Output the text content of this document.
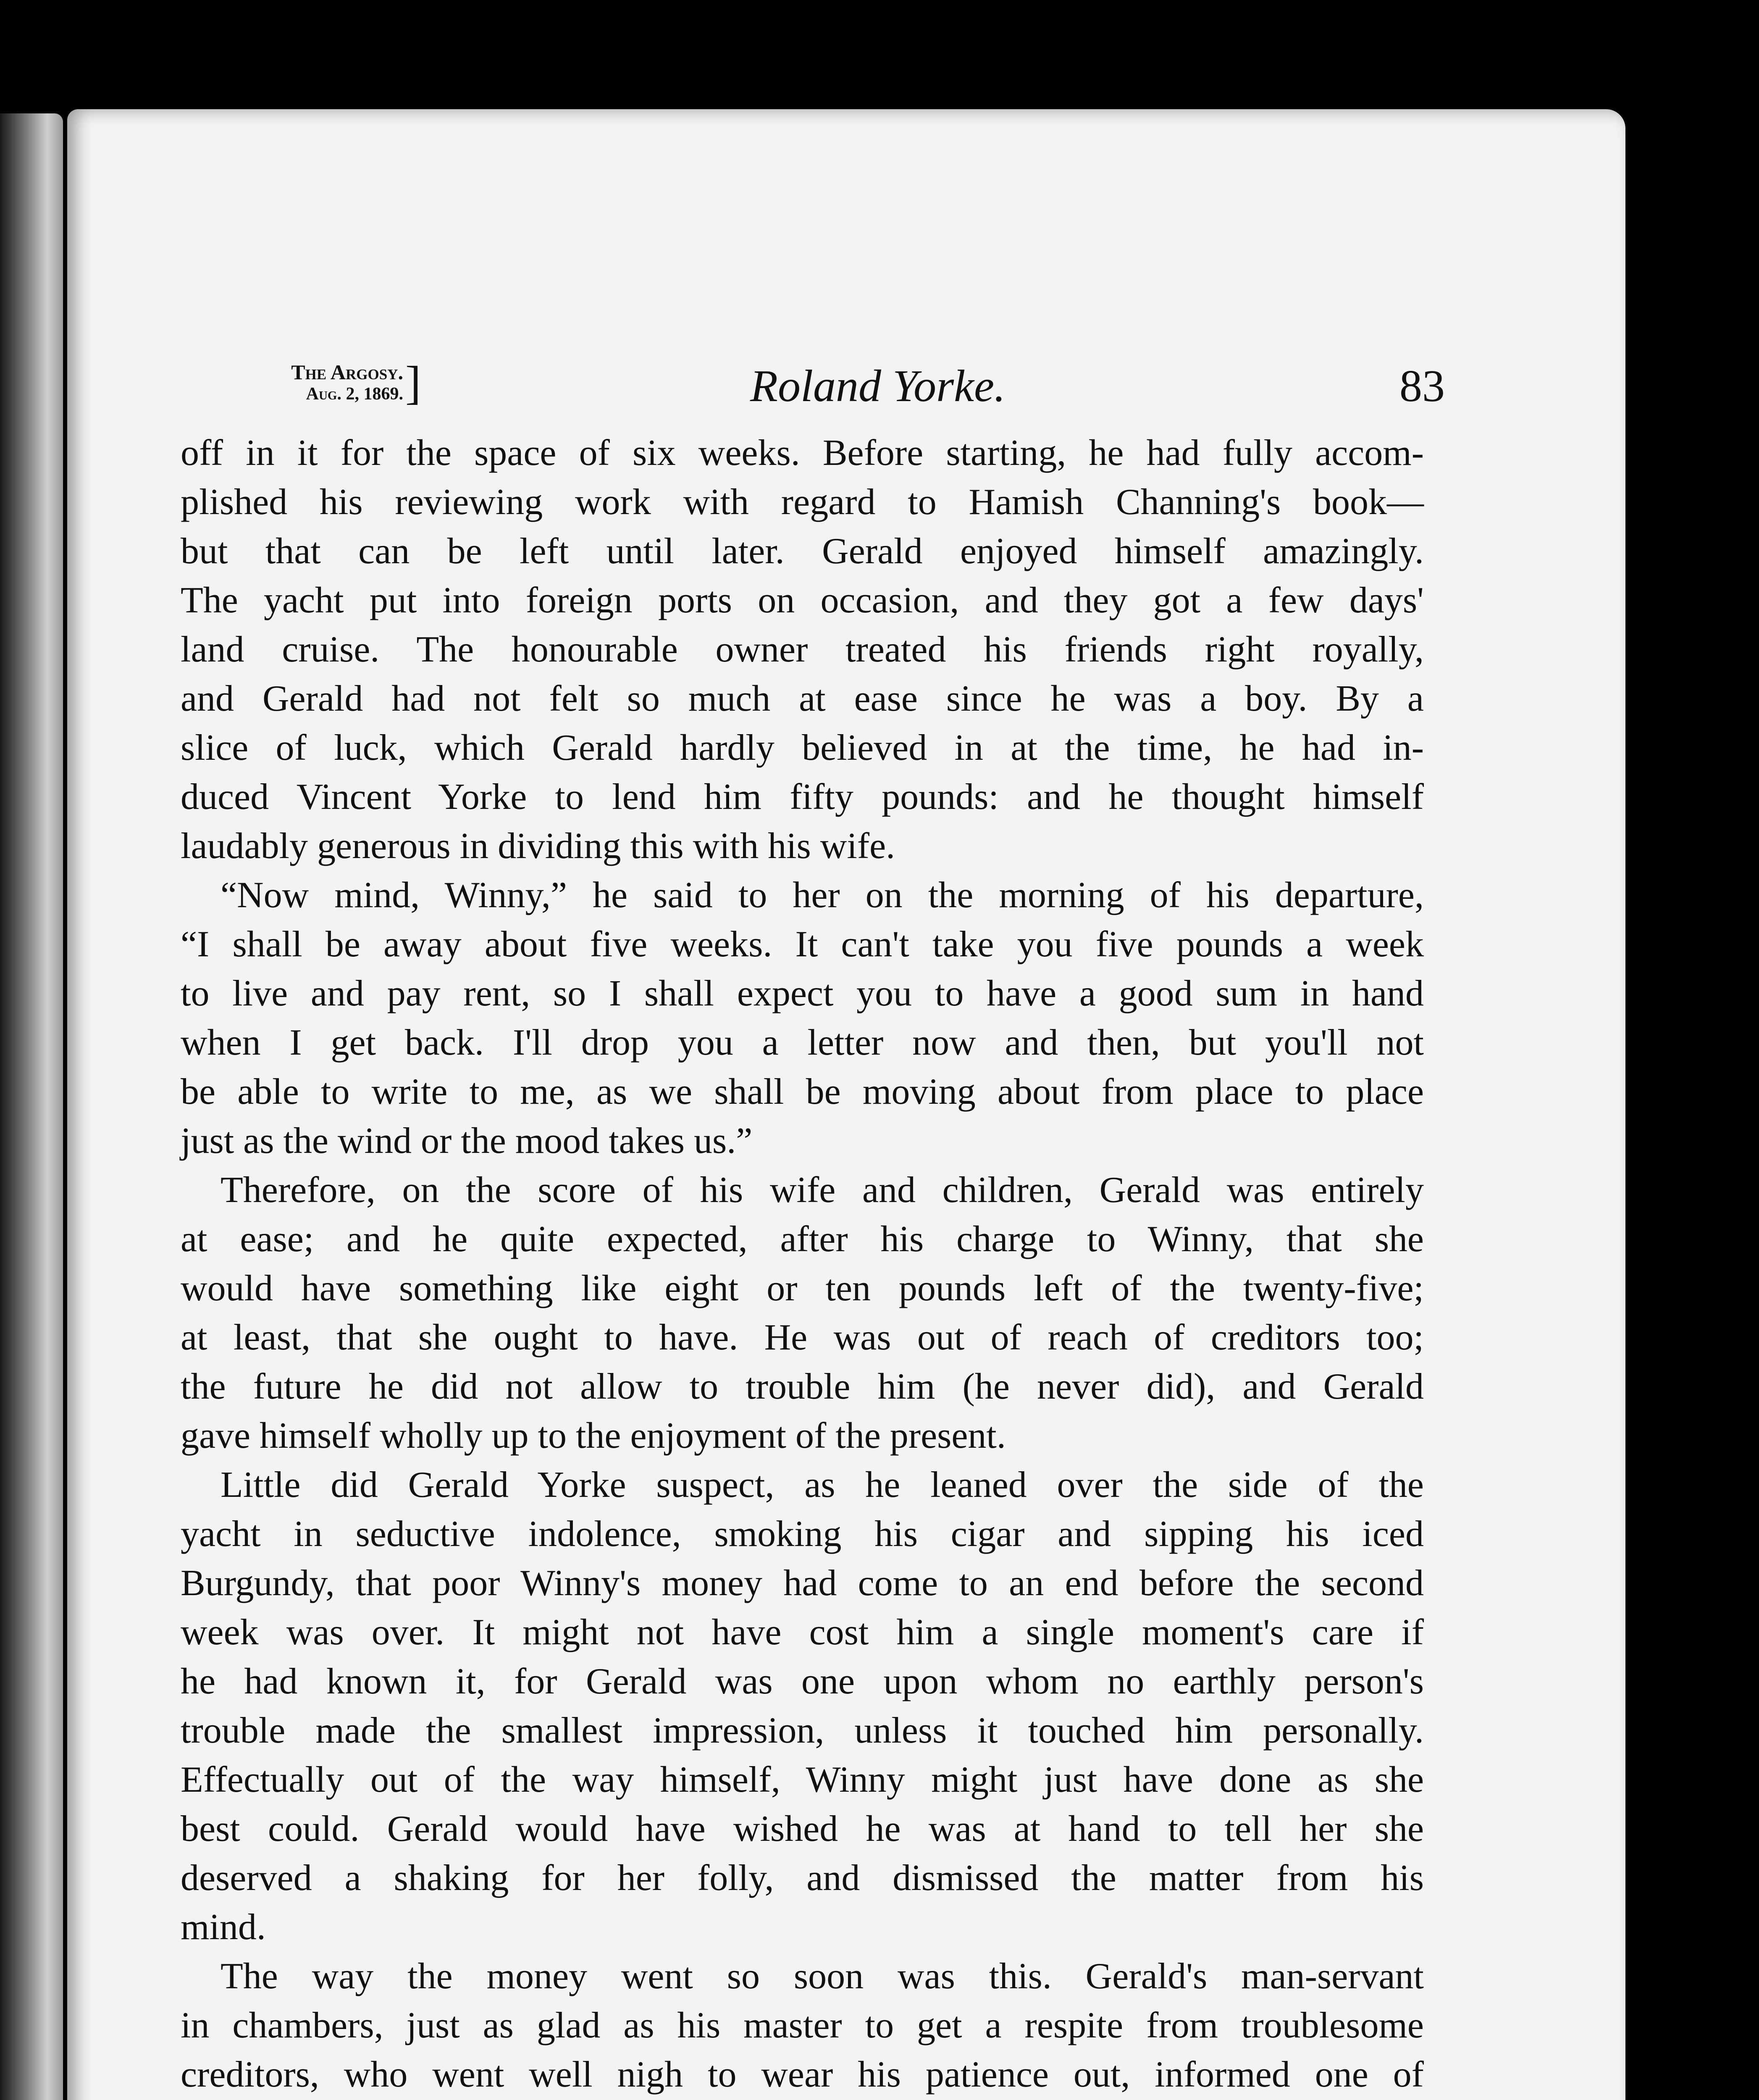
The Argosy.
Aug. 2, 1869. ]	Roland Yorke.	83
off in it for the space of six weeks. Before starting, he had fully accom-
plished his reviewing work with regard to Hamish Channing's book—
but that can be left until later. Gerald enjoyed himself amazingly.
The yacht put into foreign ports on occasion, and they got a few days'
land cruise. The honourable owner treated his friends right royally,
and Gerald had not felt so much at ease since he was a boy. By a
slice of luck, which Gerald hardly believed in at the time, he had in-
duced Vincent Yorke to lend him fifty pounds: and he thought himself
laudably generous in dividing this with his wife.
“Now mind, Winny,” he said to her on the morning of his departure,
“I shall be away about five weeks. It can't take you five pounds a week
to live and pay rent, so I shall expect you to have a good sum in hand
when I get back. I'll drop you a letter now and then, but you'll not
be able to write to me, as we shall be moving about from place to place
just as the wind or the mood takes us.”
Therefore, on the score of his wife and children, Gerald was entirely
at ease; and he quite expected, after his charge to Winny, that she
would have something like eight or ten pounds left of the twenty-five;
at least, that she ought to have. He was out of reach of creditors too;
the future he did not allow to trouble him (he never did), and Gerald
gave himself wholly up to the enjoyment of the present.
Little did Gerald Yorke suspect, as he leaned over the side of the
yacht in seductive indolence, smoking his cigar and sipping his iced
Burgundy, that poor Winny's money had come to an end before the second
week was over. It might not have cost him a single moment's care if
he had known it, for Gerald was one upon whom no earthly person's
trouble made the smallest impression, unless it touched him personally.
Effectually out of the way himself, Winny might just have done as she
best could. Gerald would have wished he was at hand to tell her she
deserved a shaking for her folly, and dismissed the matter from his
mind.
The way the money went so soon was this. Gerald's man-servant
in chambers, just as glad as his master to get a respite from troublesome
creditors, who went well nigh to wear his patience out, informed one of
